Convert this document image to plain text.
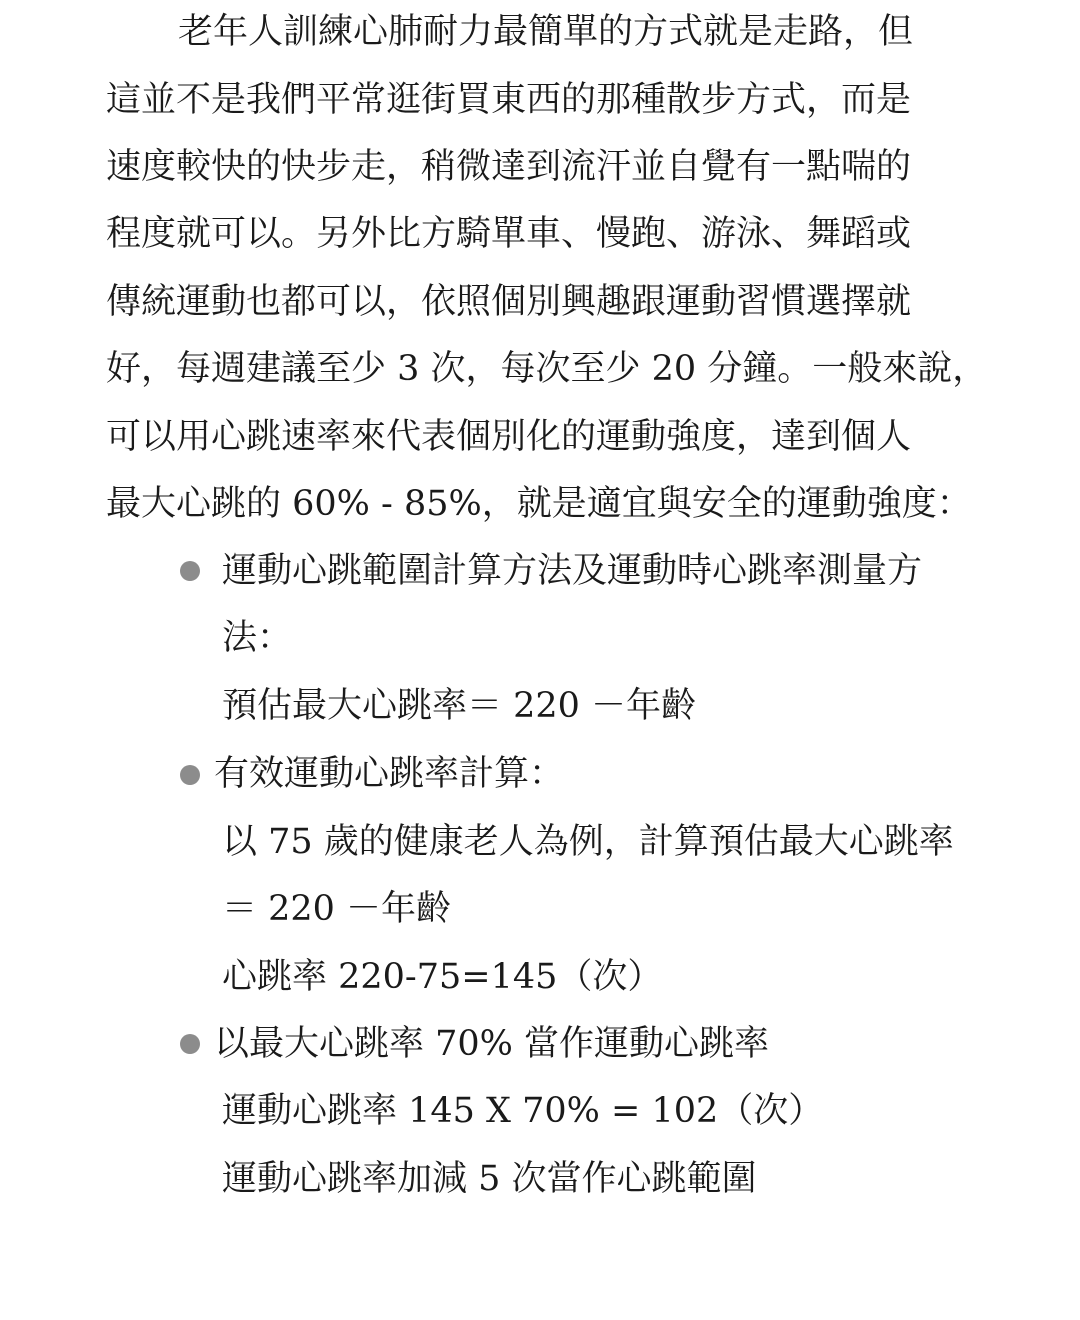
老年人訓練心肺耐力最簡單的方式就是走路，但
這並不是我們平常逛街買東西的那種散步方式，而是
速度較快的快步走，稍微達到流汗並自覺有一點喘的
程度就可以。另外比方騎單車、慢跑、游泳、舞蹈或
傳統運動也都可以，依照個別興趣跟運動習慣選擇就
好，每週建議至少 3 次，每次至少 20 分鐘。一般來說，
可以用心跳速率來代表個別化的運動強度，達到個人
最大心跳的 60% - 85%，就是適宜與安全的運動強度：
運動心跳範圍計算方法及運動時心跳率測量方
法：
預估最大心跳率＝ 220 －年齡
有效運動心跳率計算：
以 75 歲的健康老人為例，計算預估最大心跳率
＝ 220 －年齡
心跳率 220-75=145（次）
以最大心跳率 70% 當作運動心跳率
運動心跳率 145 X 70% = 102（次）
運動心跳率加減 5 次當作心跳範圍
